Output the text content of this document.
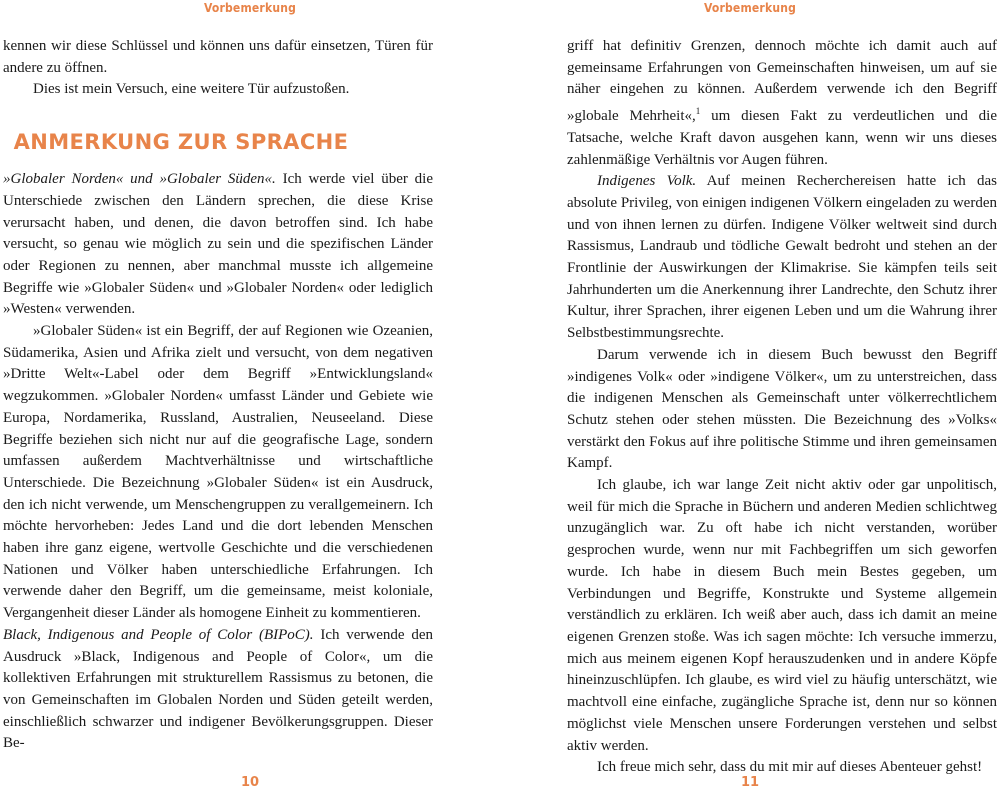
Vorbemerkung

kennen wir diese Schlüssel und können uns dafür einsetzen, Türen für andere zu öffnen.

Dies ist mein Versuch, eine weitere Tür aufzustoßen.

ANMERKUNG ZUR SPRACHE

»Globaler Norden« und »Globaler Süden«. Ich werde viel über die Unterschiede zwischen den Ländern sprechen, die diese Krise verursacht haben, und denen, die davon betroffen sind. Ich habe versucht, so genau wie möglich zu sein und die spezifischen Länder oder Regionen zu nennen, aber manchmal musste ich allgemeine Begriffe wie »Globaler Süden« und »Globaler Norden« oder lediglich »Westen« verwenden.

»Globaler Süden« ist ein Begriff, der auf Regionen wie Ozeanien, Südamerika, Asien und Afrika zielt und versucht, von dem negativen »Dritte Welt«-Label oder dem Begriff »Entwicklungsland« wegzukommen. »Globaler Norden« umfasst Länder und Gebiete wie Europa, Nordamerika, Russland, Australien, Neuseeland. Diese Begriffe beziehen sich nicht nur auf die geografische Lage, sondern umfassen außerdem Machtverhältnisse und wirtschaftliche Unterschiede. Die Bezeichnung »Globaler Süden« ist ein Ausdruck, den ich nicht verwende, um Menschengruppen zu verallgemeinern. Ich möchte hervorheben: Jedes Land und die dort lebenden Menschen haben ihre ganz eigene, wertvolle Geschichte und die verschiedenen Nationen und Völker haben unterschiedliche Erfahrungen. Ich verwende daher den Begriff, um die gemeinsame, meist koloniale, Vergangenheit dieser Länder als homogene Einheit zu kommentieren.

Black, Indigenous and People of Color (BIPoC). Ich verwende den Ausdruck »Black, Indigenous and People of Color«, um die kollektiven Erfahrungen mit strukturellem Rassismus zu betonen, die von Gemeinschaften im Globalen Norden und Süden geteilt werden, einschließlich schwarzer und indigener Bevölkerungsgruppen. Dieser Be-

10
Vorbemerkung

griff hat definitiv Grenzen, dennoch möchte ich damit auch auf gemeinsame Erfahrungen von Gemeinschaften hinweisen, um auf sie näher eingehen zu können. Außerdem verwende ich den Begriff »globale Mehrheit«,$^1$ um diesen Fakt zu verdeutlichen und die Tatsache, welche Kraft davon ausgehen kann, wenn wir uns dieses zahlenmäßige Verhältnis vor Augen führen.

Indigenes Volk. Auf meinen Recherchereisen hatte ich das absolute Privileg, von einigen indigenen Völkern eingeladen zu werden und von ihnen lernen zu dürfen. Indigene Völker weltweit sind durch Rassismus, Landraub und tödliche Gewalt bedroht und stehen an der Frontlinie der Auswirkungen der Klimakrise. Sie kämpfen teils seit Jahrhunderten um die Anerkennung ihrer Landrechte, den Schutz ihrer Kultur, ihrer Sprachen, ihrer eigenen Leben und um die Wahrung ihrer Selbstbestimmungsrechte.

Darum verwende ich in diesem Buch bewusst den Begriff »indigenes Volk« oder »indigene Völker«, um zu unterstreichen, dass die indigenen Menschen als Gemeinschaft unter völkerrechtlichem Schutz stehen oder stehen müssten. Die Bezeichnung des »Volks« verstärkt den Fokus auf ihre politische Stimme und ihren gemeinsamen Kampf.

Ich glaube, ich war lange Zeit nicht aktiv oder gar unpolitisch, weil für mich die Sprache in Büchern und anderen Medien schlichtweg unzugänglich war. Zu oft habe ich nicht verstanden, worüber gesprochen wurde, wenn nur mit Fachbegriffen um sich geworfen wurde. Ich habe in diesem Buch mein Bestes gegeben, um Verbindungen und Begriffe, Konstrukte und Systeme allgemein verständlich zu erklären. Ich weiß aber auch, dass ich damit an meine eigenen Grenzen stoße. Was ich sagen möchte: Ich versuche immerzu, mich aus meinem eigenen Kopf herauszudenken und in andere Köpfe hineinzuschlüpfen. Ich glaube, es wird viel zu häufig unterschätzt, wie machtvoll eine einfache, zugängliche Sprache ist, denn nur so können möglichst viele Menschen unsere Forderungen verstehen und selbst aktiv werden.

Ich freue mich sehr, dass du mit mir auf dieses Abenteuer gehst!

11
